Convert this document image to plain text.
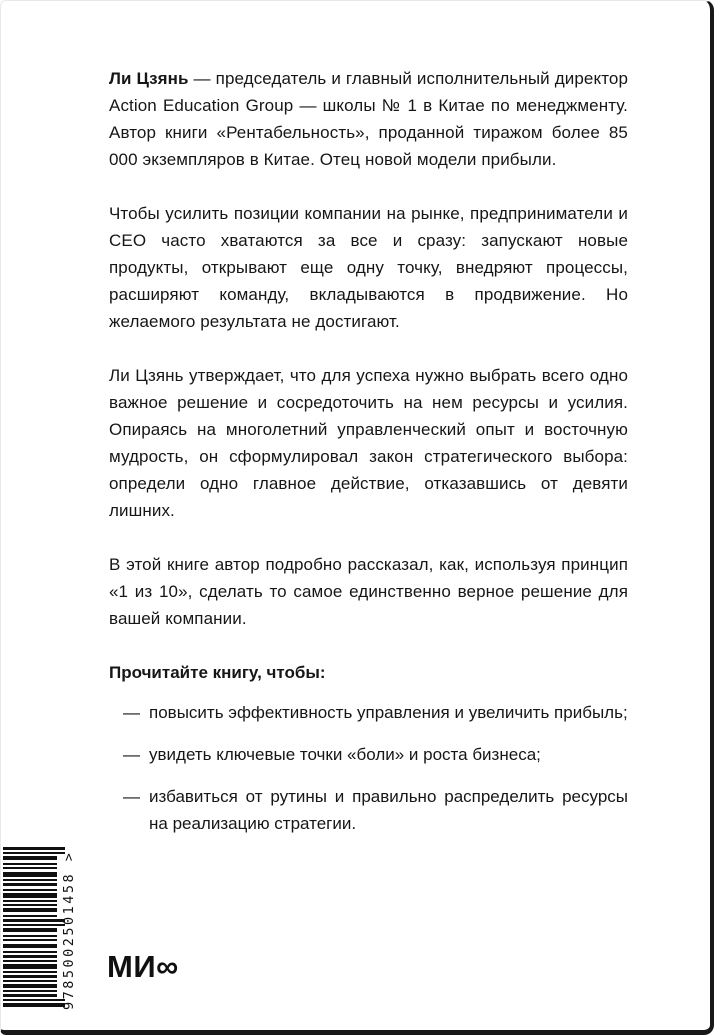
Ли Цзянь — председатель и главный исполнительный директор Action Education Group — школы № 1 в Китае по менеджменту. Автор книги «Рентабельность», проданной тиражом более 85 000 экземпляров в Китае. Отец новой модели прибыли.

Чтобы усилить позиции компании на рынке, предприниматели и CEO часто хватаются за все и сразу: запускают новые продукты, открывают еще одну точку, внедряют процессы, расширяют команду, вкладываются в продвижение. Но желаемого результата не достигают.

Ли Цзянь утверждает, что для успеха нужно выбрать всего одно важное решение и сосредоточить на нем ресурсы и усилия. Опираясь на многолетний управленческий опыт и восточную мудрость, он сформулировал закон стратегического выбора: определи одно главное действие, отказавшись от девяти лишних.

В этой книге автор подробно рассказал, как, используя принцип «1 из 10», сделать то самое единственно верное решение для вашей компании.

Прочитайте книгу, чтобы:

— повысить эффективность управления и увеличить прибыль;
— увидеть ключевые точки «боли» и роста бизнеса;
— избавиться от рутины и правильно распределить ресурсы на реализацию стратегии.
9785002501458 >
МИ∞
